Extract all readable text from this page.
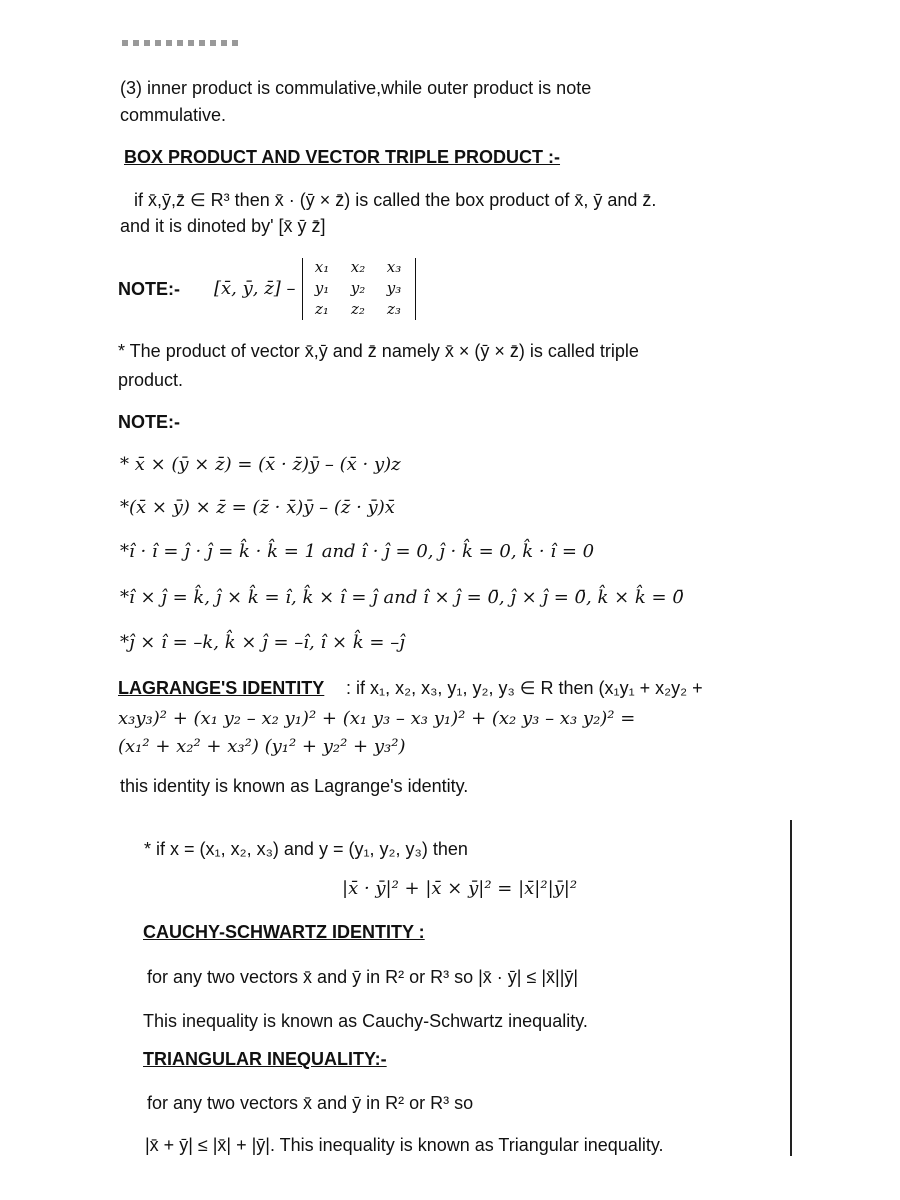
(3) inner product is commulative,while outer product is note
commulative.
BOX PRODUCT AND VECTOR TRIPLE PRODUCT :-
if x̄,ȳ,z̄ ∈ R³ then x̄ · (ȳ × z̄) is called the box product of x̄, ȳ and z̄.
and it is dinoted by' [x̄ ȳ z̄]
NOTE:- [x̄, ȳ, z̄] –
x₁	x₂	x₃
y₁	y₂	y₃
z₁	z₂	z₃
* The product of vector x̄,ȳ and z̄ namely x̄ × (ȳ × z̄) is called triple
product.
NOTE:-
* x̄ × (ȳ × z̄) = (x̄ · z̄)ȳ – (x̄ · y)z
*(x̄ × ȳ) × z̄ = (z̄ · x̄)ȳ – (z̄ · ȳ)x̄
*î · î = ĵ · ĵ = k̂ · k̂ = 1 and î · ĵ = 0, ĵ · k̂ = 0, k̂ · î = 0
*î × ĵ = k̂, ĵ × k̂ = î, k̂ × î = ĵ and î × ĵ = 0̄, ĵ × ĵ = 0̄, k̂ × k̂ = 0̄
*ĵ × î = –k, k̂ × ĵ = –î, î × k̂ = –ĵ
LAGRANGE'S IDENTITY : if x₁, x₂, x₃, y₁, y₂, y₃ ∈ R then (x₁y₁ + x₂y₂ +
x₃y₃)² + (x₁ y₂ – x₂ y₁)² + (x₁ y₃ – x₃ y₁)² + (x₂ y₃ – x₃ y₂)² =
(x₁² + x₂² + x₃²) (y₁² + y₂² + y₃²)
this identity is known as Lagrange's identity.
* if x = (x₁, x₂, x₃) and y = (y₁, y₂, y₃) then
|x̄ · ȳ|² + |x̄ × ȳ|² = |x̄|²|ȳ|²
CAUCHY-SCHWARTZ IDENTITY :
for any two vectors x̄ and ȳ in R² or R³ so |x̄ · ȳ| ≤ |x̄||ȳ|
This inequality is known as Cauchy-Schwartz inequality.
TRIANGULAR INEQUALITY:-
for any two vectors x̄ and ȳ in R² or R³ so
|x̄ + ȳ| ≤ |x̄| + |ȳ|. This inequality is known as Triangular inequality.
